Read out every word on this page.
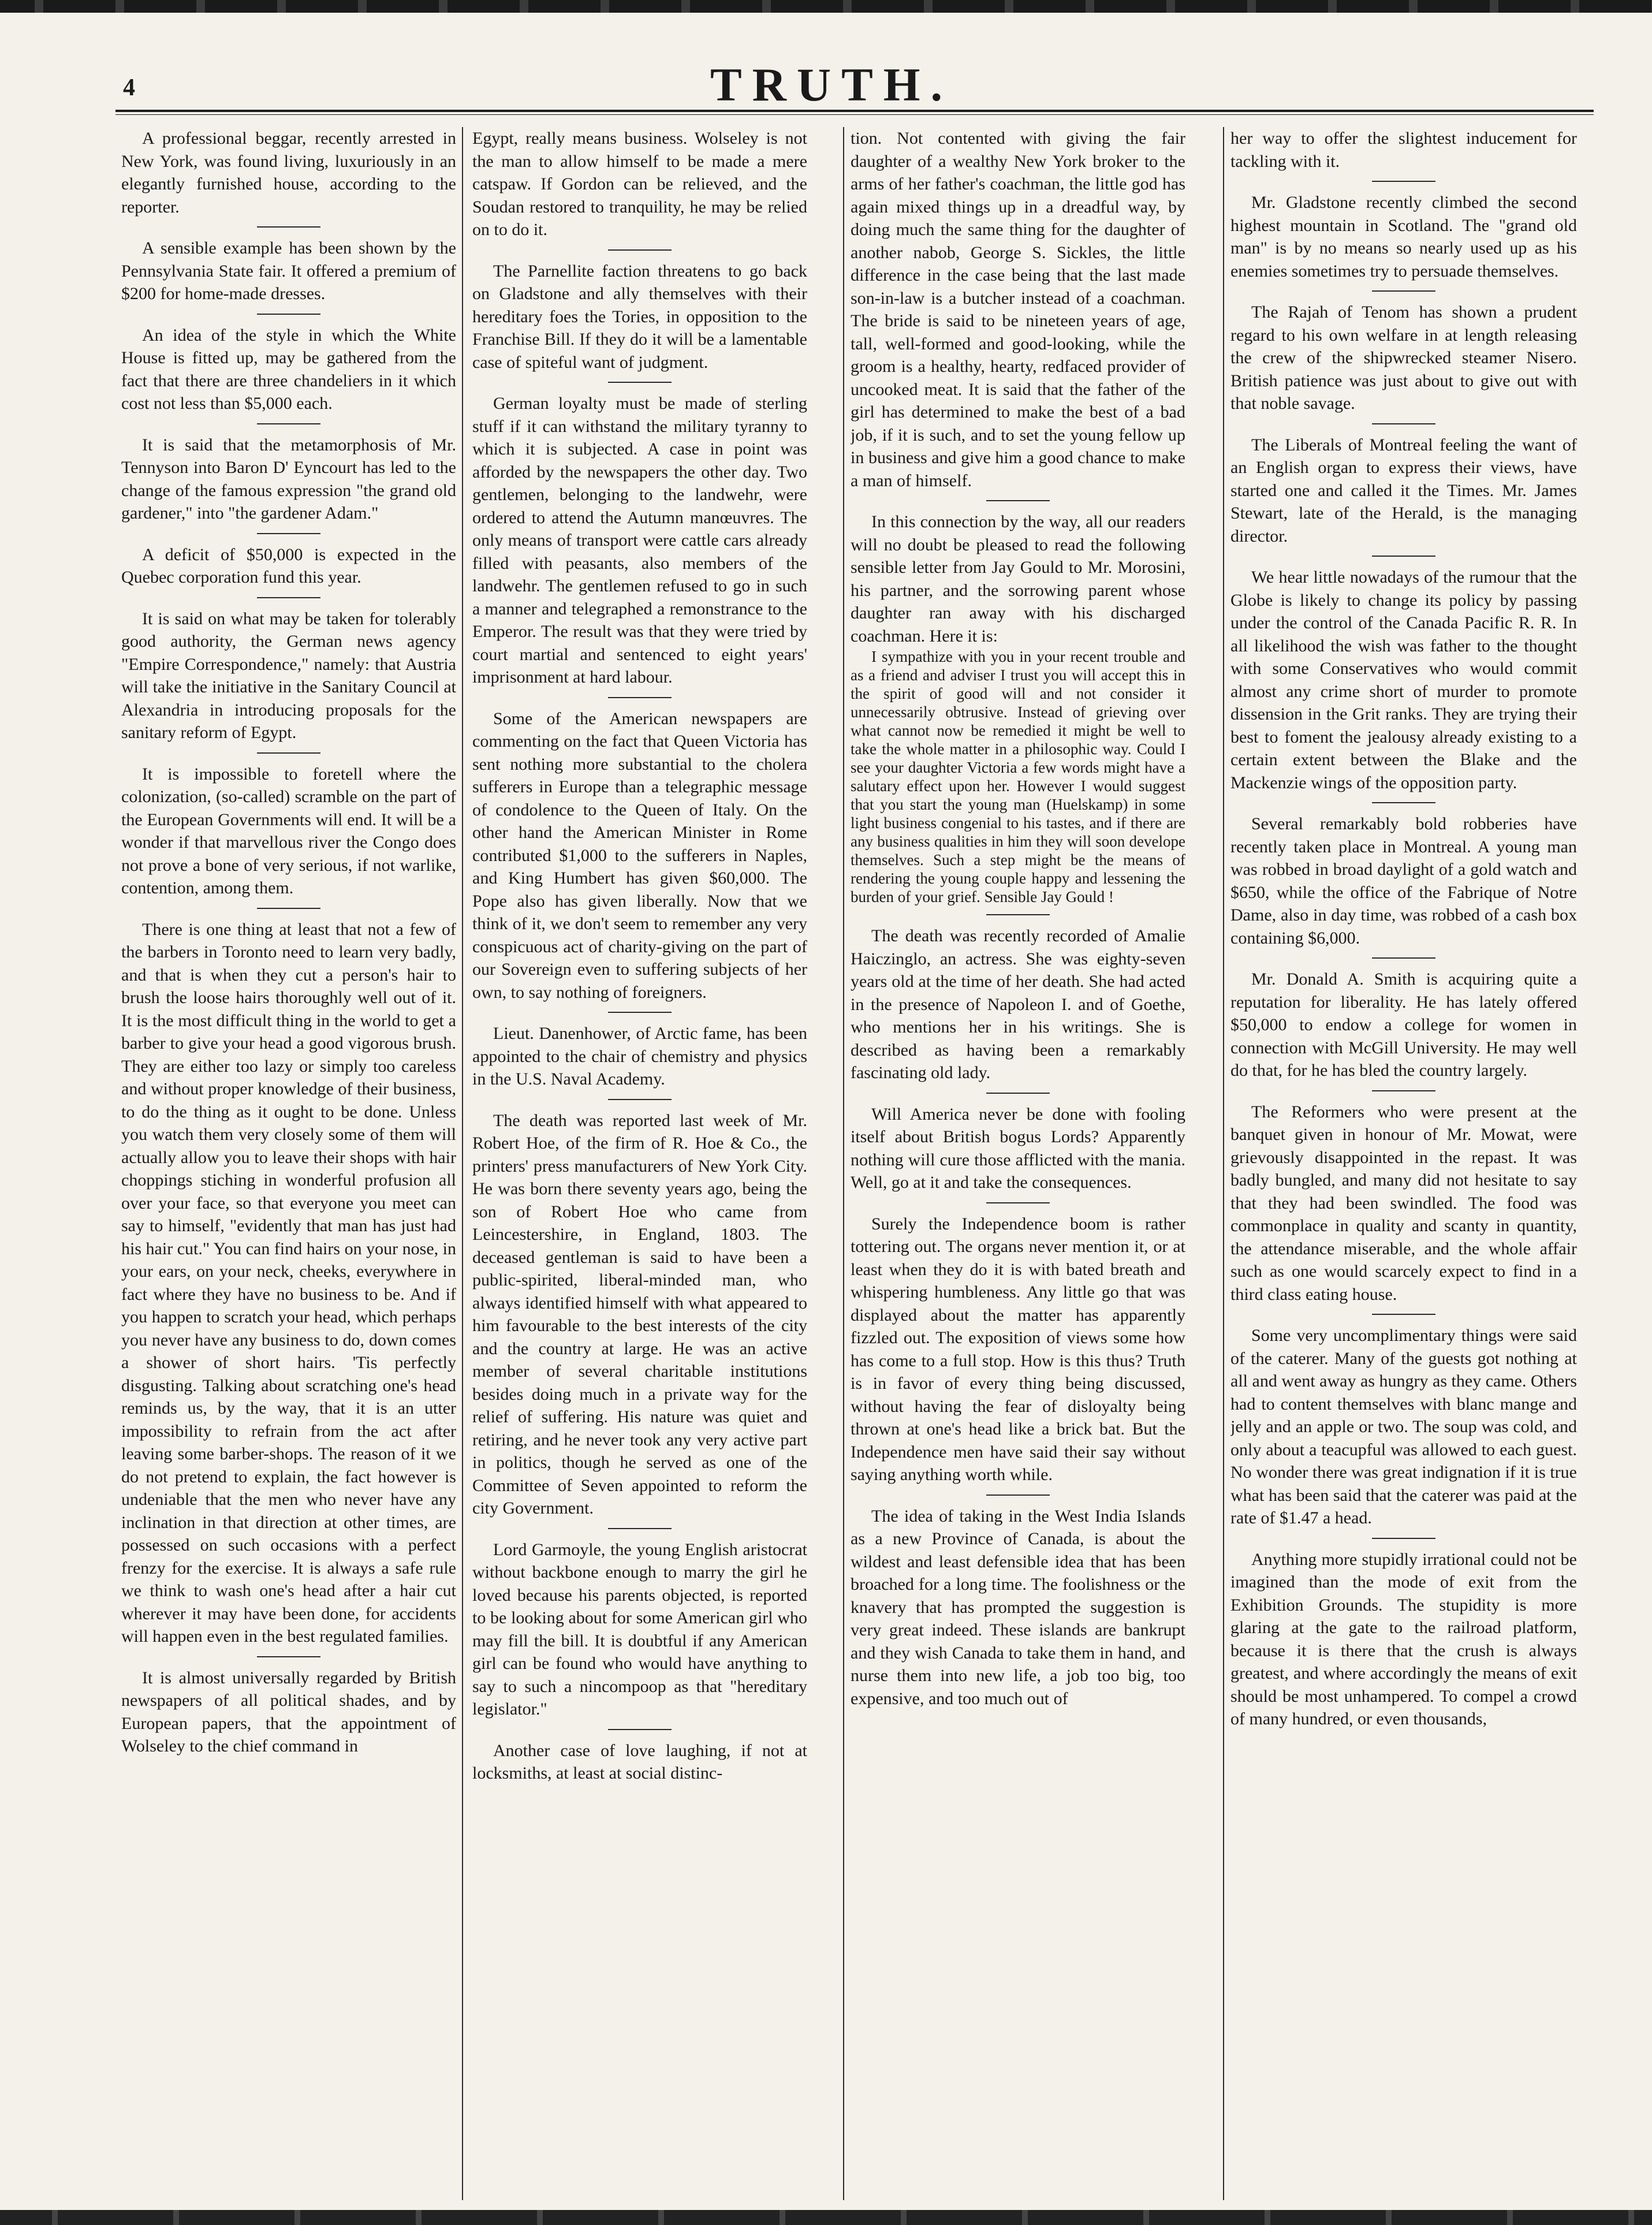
4	TRUTH.

A professional beggar, recently arrested in New York, was found living, luxuriously in an elegantly furnished house, according to the reporter.

A sensible example has been shown by the Pennsylvania State fair. It offered a premium of $200 for home-made dresses.

An idea of the style in which the White House is fitted up, may be gathered from the fact that there are three chandeliers in it which cost not less than $5,000 each.

It is said that the metamorphosis of Mr. Tennyson into Baron D' Eyncourt has led to the change of the famous expression "the grand old gardener," into "the gardener Adam."

A deficit of $50,000 is expected in the Quebec corporation fund this year.

It is said on what may be taken for tolerably good authority, the German news agency "Empire Correspondence," namely: that Austria will take the initiative in the Sanitary Council at Alexandria in introducing proposals for the sanitary reform of Egypt.

It is impossible to foretell where the colonization, (so-called) scramble on the part of the European Governments will end. It will be a wonder if that marvellous river the Congo does not prove a bone of very serious, if not warlike, contention, among them.

There is one thing at least that not a few of the barbers in Toronto need to learn very badly, and that is when they cut a person's hair to brush the loose hairs thoroughly well out of it. It is the most difficult thing in the world to get a barber to give your head a good vigorous brush. They are either too lazy or simply too careless and without proper knowledge of their business, to do the thing as it ought to be done. Unless you watch them very closely some of them will actually allow you to leave their shops with hair choppings stiching in wonderful profusion all over your face, so that everyone you meet can say to himself, "evidently that man has just had his hair cut." You can find hairs on your nose, in your ears, on your neck, cheeks, everywhere in fact where they have no business to be. And if you happen to scratch your head, which perhaps you never have any business to do, down comes a shower of short hairs. 'Tis perfectly disgusting. Talking about scratching one's head reminds us, by the way, that it is an utter impossibility to refrain from the act after leaving some barber-shops. The reason of it we do not pretend to explain, the fact however is undeniable that the men who never have any inclination in that direction at other times, are possessed on such occasions with a perfect frenzy for the exercise. It is always a safe rule we think to wash one's head after a hair cut wherever it may have been done, for accidents will happen even in the best regulated families.

It is almost universally regarded by British newspapers of all political shades, and by European papers, that the appointment of Wolseley to the chief command in

Egypt, really means business. Wolseley is not the man to allow himself to be made a mere catspaw. If Gordon can be relieved, and the Soudan restored to tranquility, he may be relied on to do it.

The Parnellite faction threatens to go back on Gladstone and ally themselves with their hereditary foes the Tories, in opposition to the Franchise Bill. If they do it will be a lamentable case of spiteful want of judgment.

German loyalty must be made of sterling stuff if it can withstand the military tyranny to which it is subjected. A case in point was afforded by the newspapers the other day. Two gentlemen, belonging to the landwehr, were ordered to attend the Autumn manœuvres. The only means of transport were cattle cars already filled with peasants, also members of the landwehr. The gentlemen refused to go in such a manner and telegraphed a remonstrance to the Emperor. The result was that they were tried by court martial and sentenced to eight years' imprisonment at hard labour.

Some of the American newspapers are commenting on the fact that Queen Victoria has sent nothing more substantial to the cholera sufferers in Europe than a telegraphic message of condolence to the Queen of Italy. On the other hand the American Minister in Rome contributed $1,000 to the sufferers in Naples, and King Humbert has given $60,000. The Pope also has given liberally. Now that we think of it, we don't seem to remember any very conspicuous act of charity-giving on the part of our Sovereign even to suffering subjects of her own, to say nothing of foreigners.

Lieut. Danenhower, of Arctic fame, has been appointed to the chair of chemistry and physics in the U.S. Naval Academy.

The death was reported last week of Mr. Robert Hoe, of the firm of R. Hoe & Co., the printers' press manufacturers of New York City. He was born there seventy years ago, being the son of Robert Hoe who came from Leincestershire, in England, 1803. The deceased gentleman is said to have been a public-spirited, liberal-minded man, who always identified himself with what appeared to him favourable to the best interests of the city and the country at large. He was an active member of several charitable institutions besides doing much in a private way for the relief of suffering. His nature was quiet and retiring, and he never took any very active part in politics, though he served as one of the Committee of Seven appointed to reform the city Government.

Lord Garmoyle, the young English aristocrat without backbone enough to marry the girl he loved because his parents objected, is reported to be looking about for some American girl who may fill the bill. It is doubtful if any American girl can be found who would have anything to say to such a nincompoop as that "hereditary legislator."

Another case of love laughing, if not at locksmiths, at least at social distinc-

tion. Not contented with giving the fair daughter of a wealthy New York broker to the arms of her father's coachman, the little god has again mixed things up in a dreadful way, by doing much the same thing for the daughter of another nabob, George S. Sickles, the little difference in the case being that the last made son-in-law is a butcher instead of a coachman. The bride is said to be nineteen years of age, tall, well-formed and good-looking, while the groom is a healthy, hearty, redfaced provider of uncooked meat. It is said that the father of the girl has determined to make the best of a bad job, if it is such, and to set the young fellow up in business and give him a good chance to make a man of himself.

In this connection by the way, all our readers will no doubt be pleased to read the following sensible letter from Jay Gould to Mr. Morosini, his partner, and the sorrowing parent whose daughter ran away with his discharged coachman. Here it is:

I sympathize with you in your recent trouble and as a friend and adviser I trust you will accept this in the spirit of good will and not consider it unnecessarily obtrusive. Instead of grieving over what cannot now be remedied it might be well to take the whole matter in a philosophic way. Could I see your daughter Victoria a few words might have a salutary effect upon her. However I would suggest that you start the young man (Huelskamp) in some light business congenial to his tastes, and if there are any business qualities in him they will soon develope themselves. Such a step might be the means of rendering the young couple happy and lessening the burden of your grief. Sensible Jay Gould !

The death was recently recorded of Amalie Haiczinglo, an actress. She was eighty-seven years old at the time of her death. She had acted in the presence of Napoleon I. and of Goethe, who mentions her in his writings. She is described as having been a remarkably fascinating old lady.

Will America never be done with fooling itself about British bogus Lords? Apparently nothing will cure those afflicted with the mania. Well, go at it and take the consequences.

Surely the Independence boom is rather tottering out. The organs never mention it, or at least when they do it is with bated breath and whispering humbleness. Any little go that was displayed about the matter has apparently fizzled out. The exposition of views some how has come to a full stop. How is this thus? Truth is in favor of every thing being discussed, without having the fear of disloyalty being thrown at one's head like a brick bat. But the Independence men have said their say without saying anything worth while.

The idea of taking in the West India Islands as a new Province of Canada, is about the wildest and least defensible idea that has been broached for a long time. The foolishness or the knavery that has prompted the suggestion is very great indeed. These islands are bankrupt and they wish Canada to take them in hand, and nurse them into new life, a job too big, too expensive, and too much out of

her way to offer the slightest inducement for tackling with it.

Mr. Gladstone recently climbed the second highest mountain in Scotland. The "grand old man" is by no means so nearly used up as his enemies sometimes try to persuade themselves.

The Rajah of Tenom has shown a prudent regard to his own welfare in at length releasing the crew of the shipwrecked steamer Nisero. British patience was just about to give out with that noble savage.

The Liberals of Montreal feeling the want of an English organ to express their views, have started one and called it the Times. Mr. James Stewart, late of the Herald, is the managing director.

We hear little nowadays of the rumour that the Globe is likely to change its policy by passing under the control of the Canada Pacific R. R. In all likelihood the wish was father to the thought with some Conservatives who would commit almost any crime short of murder to promote dissension in the Grit ranks. They are trying their best to foment the jealousy already existing to a certain extent between the Blake and the Mackenzie wings of the opposition party.

Several remarkably bold robberies have recently taken place in Montreal. A young man was robbed in broad daylight of a gold watch and $650, while the office of the Fabrique of Notre Dame, also in day time, was robbed of a cash box containing $6,000.

Mr. Donald A. Smith is acquiring quite a reputation for liberality. He has lately offered $50,000 to endow a college for women in connection with McGill University. He may well do that, for he has bled the country largely.

The Reformers who were present at the banquet given in honour of Mr. Mowat, were grievously disappointed in the repast. It was badly bungled, and many did not hesitate to say that they had been swindled. The food was commonplace in quality and scanty in quantity, the attendance miserable, and the whole affair such as one would scarcely expect to find in a third class eating house.

Some very uncomplimentary things were said of the caterer. Many of the guests got nothing at all and went away as hungry as they came. Others had to content themselves with blanc mange and jelly and an apple or two. The soup was cold, and only about a teacupful was allowed to each guest. No wonder there was great indignation if it is true what has been said that the caterer was paid at the rate of $1.47 a head.

Anything more stupidly irrational could not be imagined than the mode of exit from the Exhibition Grounds. The stupidity is more glaring at the gate to the railroad platform, because it is there that the crush is always greatest, and where accordingly the means of exit should be most unhampered. To compel a crowd of many hundred, or even thousands,
